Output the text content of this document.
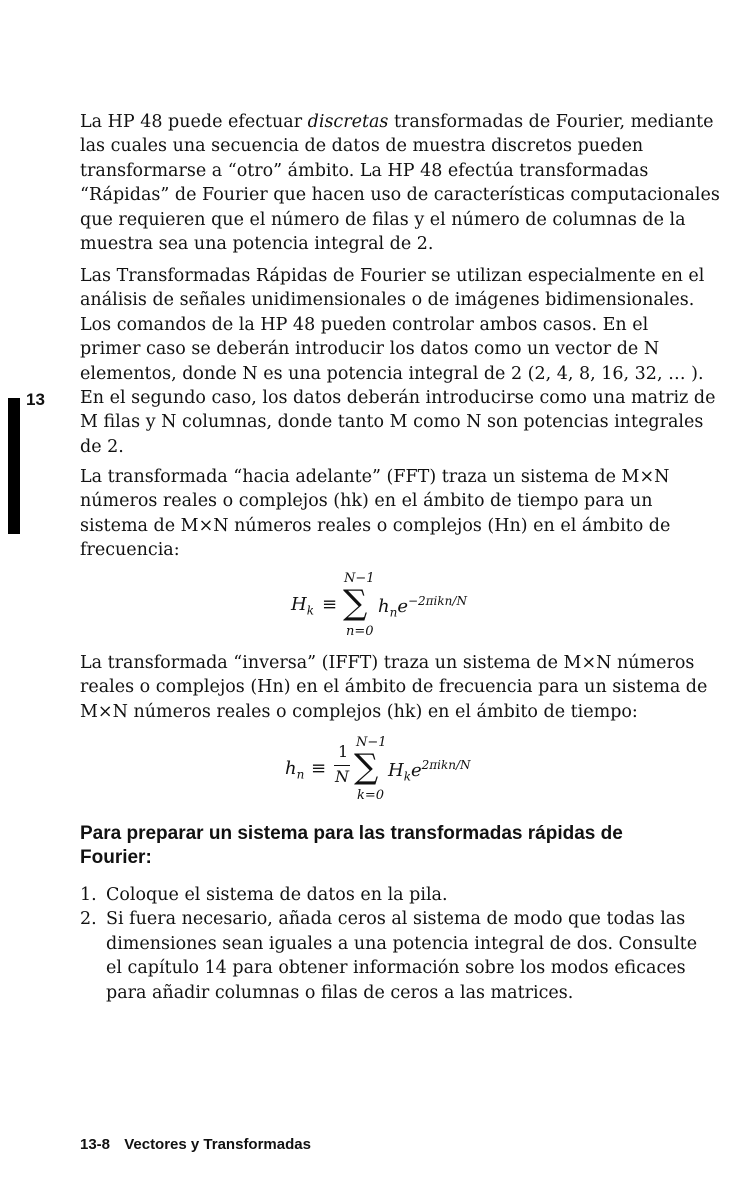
13
La HP 48 puede efectuar discretas transformadas de Fourier, mediante
las cuales una secuencia de datos de muestra discretos pueden
transformarse a “otro” ámbito. La HP 48 efectúa transformadas
“Rápidas” de Fourier que hacen uso de características computacionales
que requieren que el número de filas y el número de columnas de la
muestra sea una potencia integral de 2.
Las Transformadas Rápidas de Fourier se utilizan especialmente en el
análisis de señales unidimensionales o de imágenes bidimensionales.
Los comandos de la HP 48 pueden controlar ambos casos. En el
primer caso se deberán introducir los datos como un vector de N
elementos, donde N es una potencia integral de 2 (2, 4, 8, 16, 32, … ).
En el segundo caso, los datos deberán introducirse como una matriz de
M filas y N columnas, donde tanto M como N son potencias integrales
de 2.
La transformada “hacia adelante” (FFT) traza un sistema de M×N
números reales o complejos (hk) en el ámbito de tiempo para un
sistema de M×N números reales o complejos (Hn) en el ámbito de
frecuencia:
$H_k$ ≡
N−1
∑
n=0
$h_ne^{-2\pi ikn/N}$
La transformada “inversa” (IFFT) traza un sistema de M×N números
reales o complejos (Hn) en el ámbito de frecuencia para un sistema de
M×N números reales o complejos (hk) en el ámbito de tiempo:
$h_n$ ≡
1
N
N−1
∑
k=0
$H_ke^{2\pi ikn/N}$
Para preparar un sistema para las transformadas rápidas de
Fourier:
1. Coloque el sistema de datos en la pila.
2. Si fuera necesario, añada ceros al sistema de modo que todas las
dimensiones sean iguales a una potencia integral de dos. Consulte
el capítulo 14 para obtener información sobre los modos eficaces
para añadir columnas o filas de ceros a las matrices.
13-8 Vectores y Transformadas
